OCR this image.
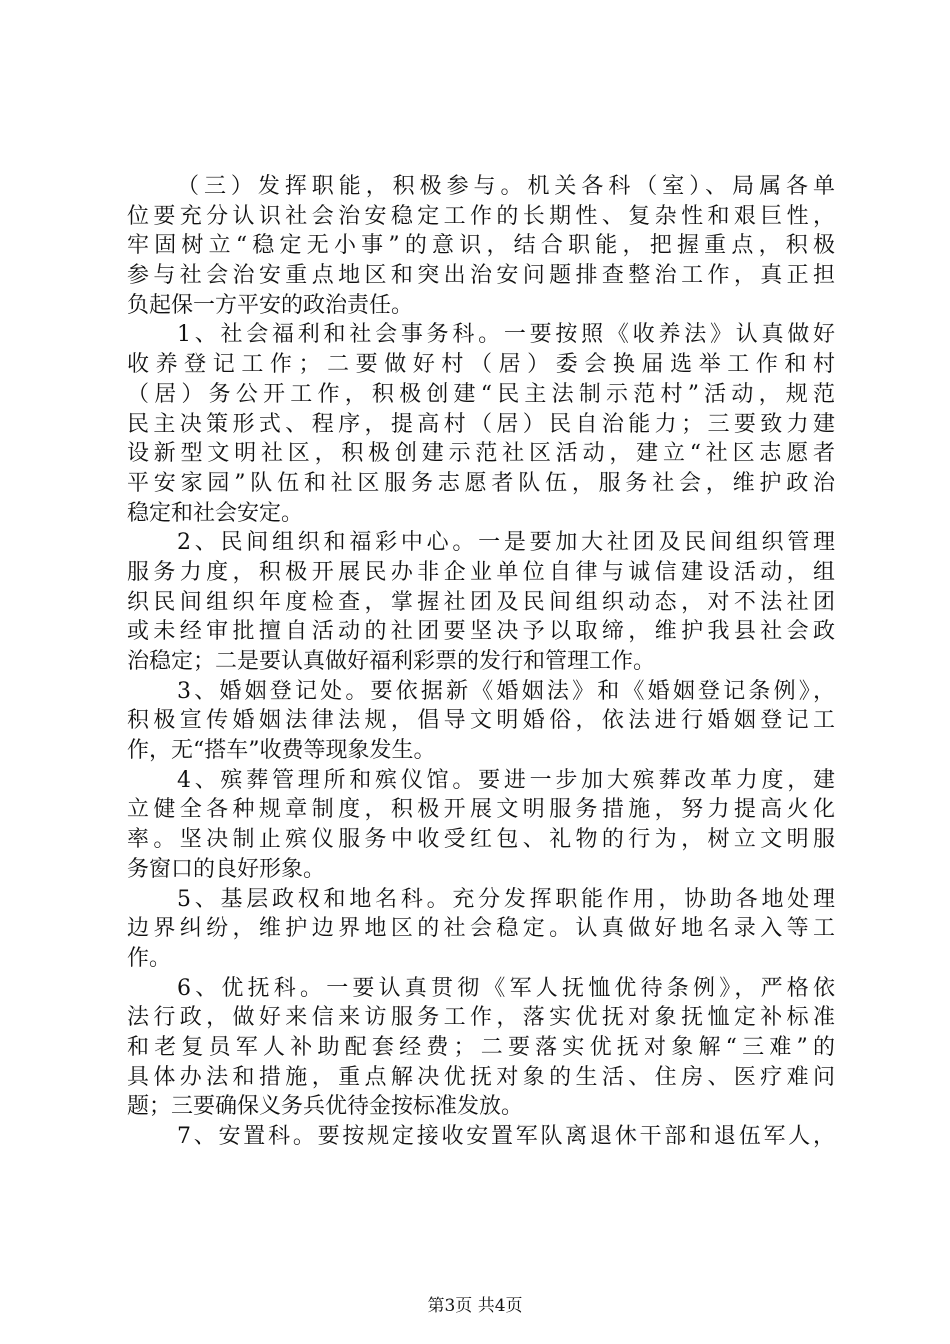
（三）发挥职能，积极参与。机关各科（室）、局属各单
位要充分认识社会治安稳定工作的长期性、复杂性和艰巨性，
牢固树立“稳定无小事”的意识，结合职能，把握重点，积极
参与社会治安重点地区和突出治安问题排查整治工作，真正担
负起保一方平安的政治责任。
1、社会福利和社会事务科。一要按照《收养法》认真做好
收养登记工作；二要做好村（居）委会换届选举工作和村
（居）务公开工作，积极创建“民主法制示范村”活动，规范
民主决策形式、程序，提高村（居）民自治能力；三要致力建
设新型文明社区，积极创建示范社区活动，建立“社区志愿者
平安家园”队伍和社区服务志愿者队伍，服务社会，维护政治
稳定和社会安定。
2、民间组织和福彩中心。一是要加大社团及民间组织管理
服务力度，积极开展民办非企业单位自律与诚信建设活动，组
织民间组织年度检查，掌握社团及民间组织动态，对不法社团
或未经审批擅自活动的社团要坚决予以取缔，维护我县社会政
治稳定；二是要认真做好福利彩票的发行和管理工作。
3、婚姻登记处。要依据新《婚姻法》和《婚姻登记条例》，
积极宣传婚姻法律法规，倡导文明婚俗，依法进行婚姻登记工
作，无“搭车”收费等现象发生。
4、殡葬管理所和殡仪馆。要进一步加大殡葬改革力度，建
立健全各种规章制度，积极开展文明服务措施，努力提高火化
率。坚决制止殡仪服务中收受红包、礼物的行为，树立文明服
务窗口的良好形象。
5、基层政权和地名科。充分发挥职能作用，协助各地处理
边界纠纷，维护边界地区的社会稳定。认真做好地名录入等工
作。
6、优抚科。一要认真贯彻《军人抚恤优待条例》，严格依
法行政，做好来信来访服务工作，落实优抚对象抚恤定补标准
和老复员军人补助配套经费；二要落实优抚对象解“三难”的
具体办法和措施，重点解决优抚对象的生活、住房、医疗难问
题；三要确保义务兵优待金按标准发放。
7、安置科。要按规定接收安置军队离退休干部和退伍军人，
第3页 共4页
